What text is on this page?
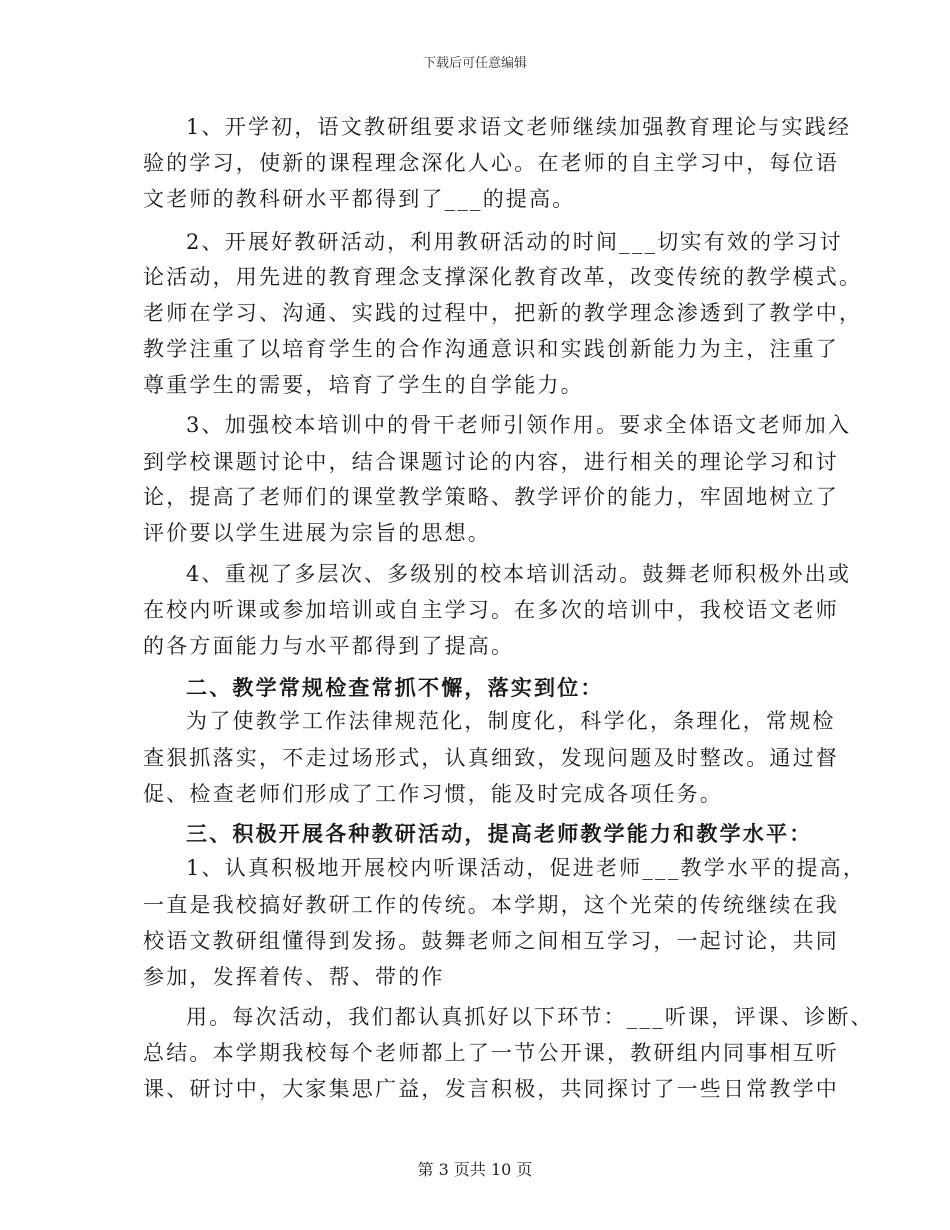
下载后可任意编辑
1、开学初，语文教研组要求语文老师继续加强教育理论与实践经
验的学习，使新的课程理念深化人心。在老师的自主学习中，每位语
文老师的教科研水平都得到了___的提高。
2、开展好教研活动，利用教研活动的时间___切实有效的学习讨
论活动，用先进的教育理念支撑深化教育改革，改变传统的教学模式。
老师在学习、沟通、实践的过程中，把新的教学理念渗透到了教学中，
教学注重了以培育学生的合作沟通意识和实践创新能力为主，注重了
尊重学生的需要，培育了学生的自学能力。
3、加强校本培训中的骨干老师引领作用。要求全体语文老师加入
到学校课题讨论中，结合课题讨论的内容，进行相关的理论学习和讨
论，提高了老师们的课堂教学策略、教学评价的能力，牢固地树立了
评价要以学生进展为宗旨的思想。
4、重视了多层次、多级别的校本培训活动。鼓舞老师积极外出或
在校内听课或参加培训或自主学习。在多次的培训中，我校语文老师
的各方面能力与水平都得到了提高。
二、教学常规检查常抓不懈，落实到位：
为了使教学工作法律规范化，制度化，科学化，条理化，常规检
查狠抓落实，不走过场形式，认真细致，发现问题及时整改。通过督
促、检查老师们形成了工作习惯，能及时完成各项任务。
三、积极开展各种教研活动，提高老师教学能力和教学水平：
1、认真积极地开展校内听课活动，促进老师___教学水平的提高，
一直是我校搞好教研工作的传统。本学期，这个光荣的传统继续在我
校语文教研组懂得到发扬。鼓舞老师之间相互学习，一起讨论，共同
参加，发挥着传、帮、带的作
用。每次活动，我们都认真抓好以下环节：___听课，评课、诊断、
总结。本学期我校每个老师都上了一节公开课，教研组内同事相互听
课、研讨中，大家集思广益，发言积极，共同探讨了一些日常教学中
第 3 页共 10 页
